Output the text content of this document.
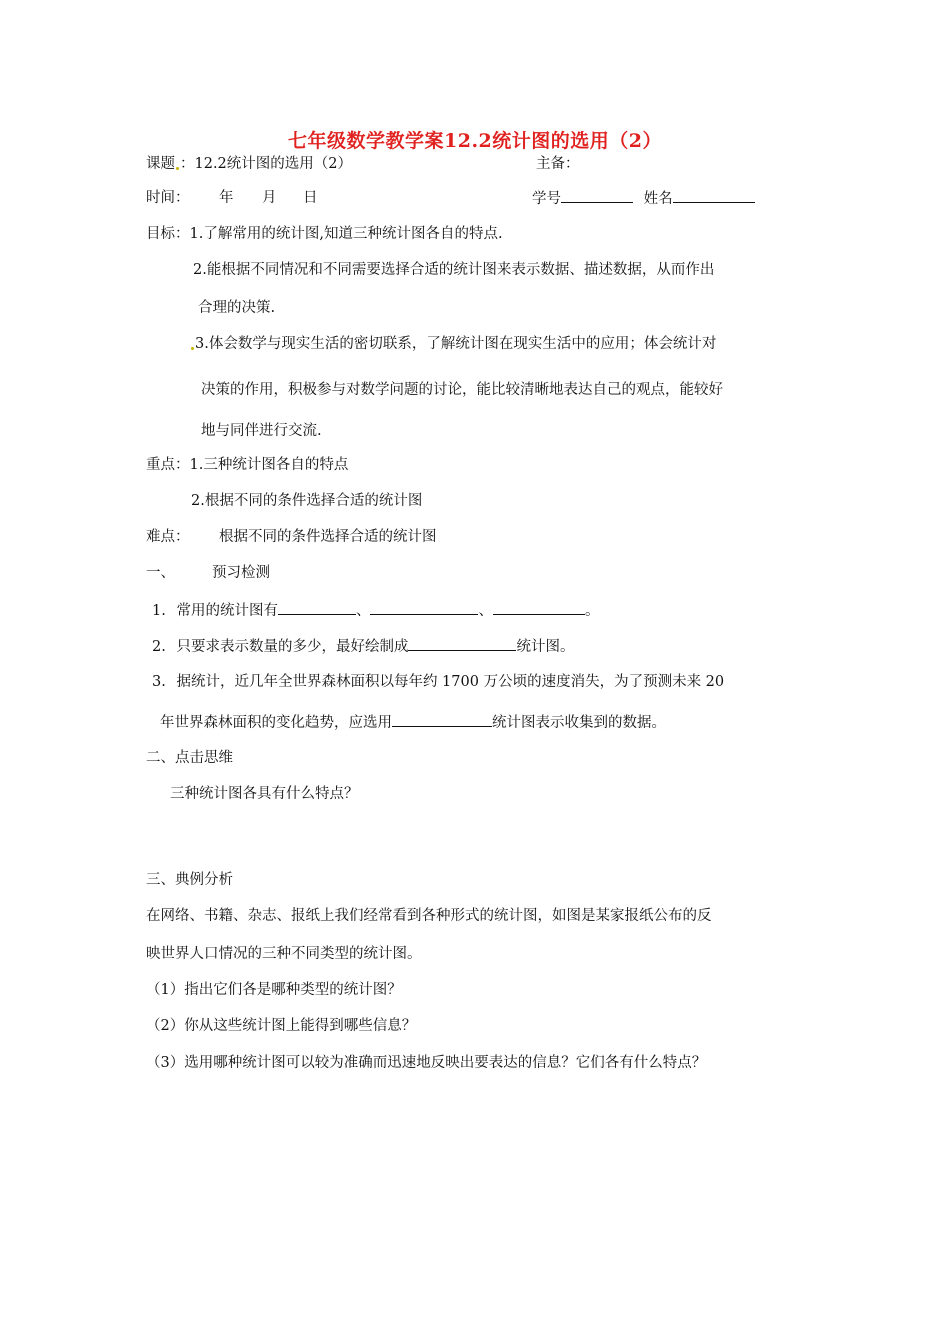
七年级数学教学案12.2统计图的选用（2）
课题 ：12.2统计图的选用（2）	主备：
时间： 年 月 日	学号	姓名
目标：1.了解常用的统计图,知道三种统计图各自的特点.
2.能根据不同情况和不同需要选择合适的统计图来表示数据、描述数据，从而作出
合理的决策.
3.体会数学与现实生活的密切联系，了解统计图在现实生活中的应用；体会统计对
决策的作用，积极参与对数学问题的讨论，能比较清晰地表达自己的观点，能较好
地与同伴进行交流.
重点：1.三种统计图各自的特点
2.根据不同的条件选择合适的统计图
难点： 根据不同的条件选择合适的统计图
一、	预习检测
1. 常用的统计图有	、	、	。
2. 只要求表示数量的多少，最好绘制成	统计图。
3. 据统计，近几年全世界森林面积以每年约 1700 万公顷的速度消失，为了预测未来 20
年世界森林面积的变化趋势，应选用	统计图表示收集到的数据。
二、点击思维
三种统计图各具有什么特点？
三、典例分析
在网络、书籍、杂志、报纸上我们经常看到各种形式的统计图，如图是某家报纸公布的反
映世界人口情况的三种不同类型的统计图。
（1）指出它们各是哪种类型的统计图？
（2）你从这些统计图上能得到哪些信息？
（3）选用哪种统计图可以较为准确而迅速地反映出要表达的信息？它们各有什么特点？
